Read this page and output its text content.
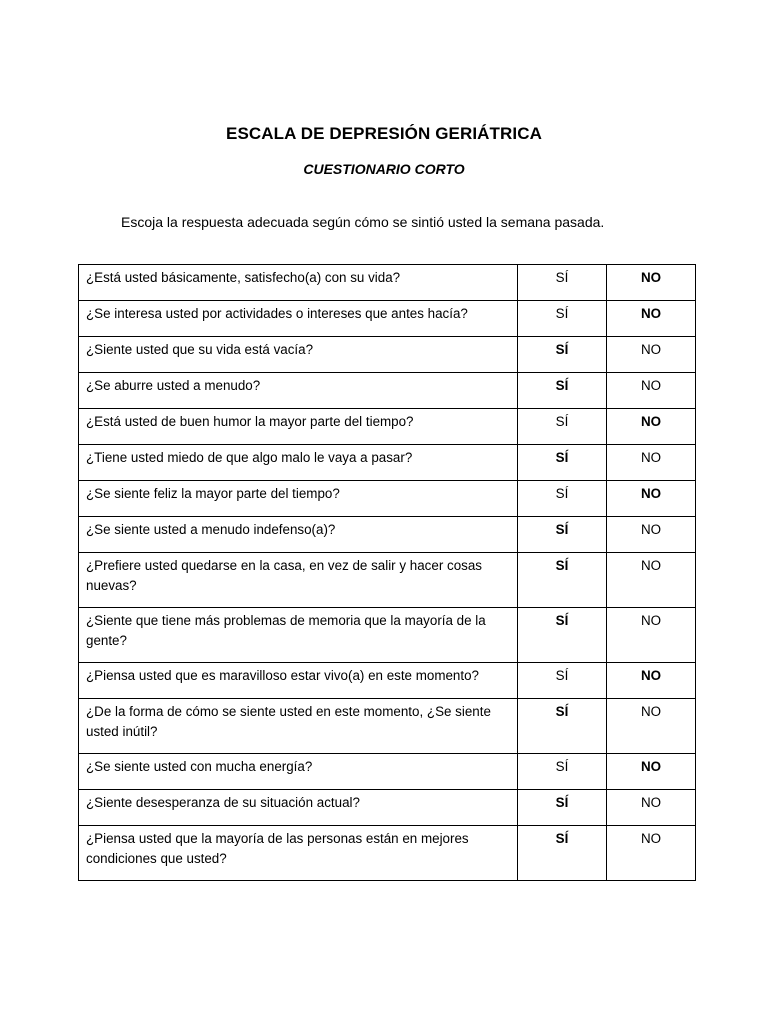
ESCALA DE DEPRESIÓN GERIÁTRICA
CUESTIONARIO CORTO
Escoja la respuesta adecuada según cómo se sintió usted la semana pasada.
¿Está usted básicamente, satisfecho(a) con su vida?	SÍ	NO
¿Se interesa usted por actividades o intereses que antes hacía?	SÍ	NO
¿Siente usted que su vida está vacía?	SÍ	NO
¿Se aburre usted a menudo?	SÍ	NO
¿Está usted de buen humor la mayor parte del tiempo?	SÍ	NO
¿Tiene usted miedo de que algo malo le vaya a pasar?	SÍ	NO
¿Se siente feliz la mayor parte del tiempo?	SÍ	NO
¿Se siente usted a menudo indefenso(a)?	SÍ	NO
¿Prefiere usted quedarse en la casa, en vez de salir y hacer cosas nuevas?	SÍ	NO
¿Siente que tiene más problemas de memoria que la mayoría de la gente?	SÍ	NO
¿Piensa usted que es maravilloso estar vivo(a) en este momento?	SÍ	NO
¿De la forma de cómo se siente usted en este momento, ¿Se siente usted inútil?	SÍ	NO
¿Se siente usted con mucha energía?	SÍ	NO
¿Siente desesperanza de su situación actual?	SÍ	NO
¿Piensa usted que la mayoría de las personas están en mejores condiciones que usted?	SÍ	NO
